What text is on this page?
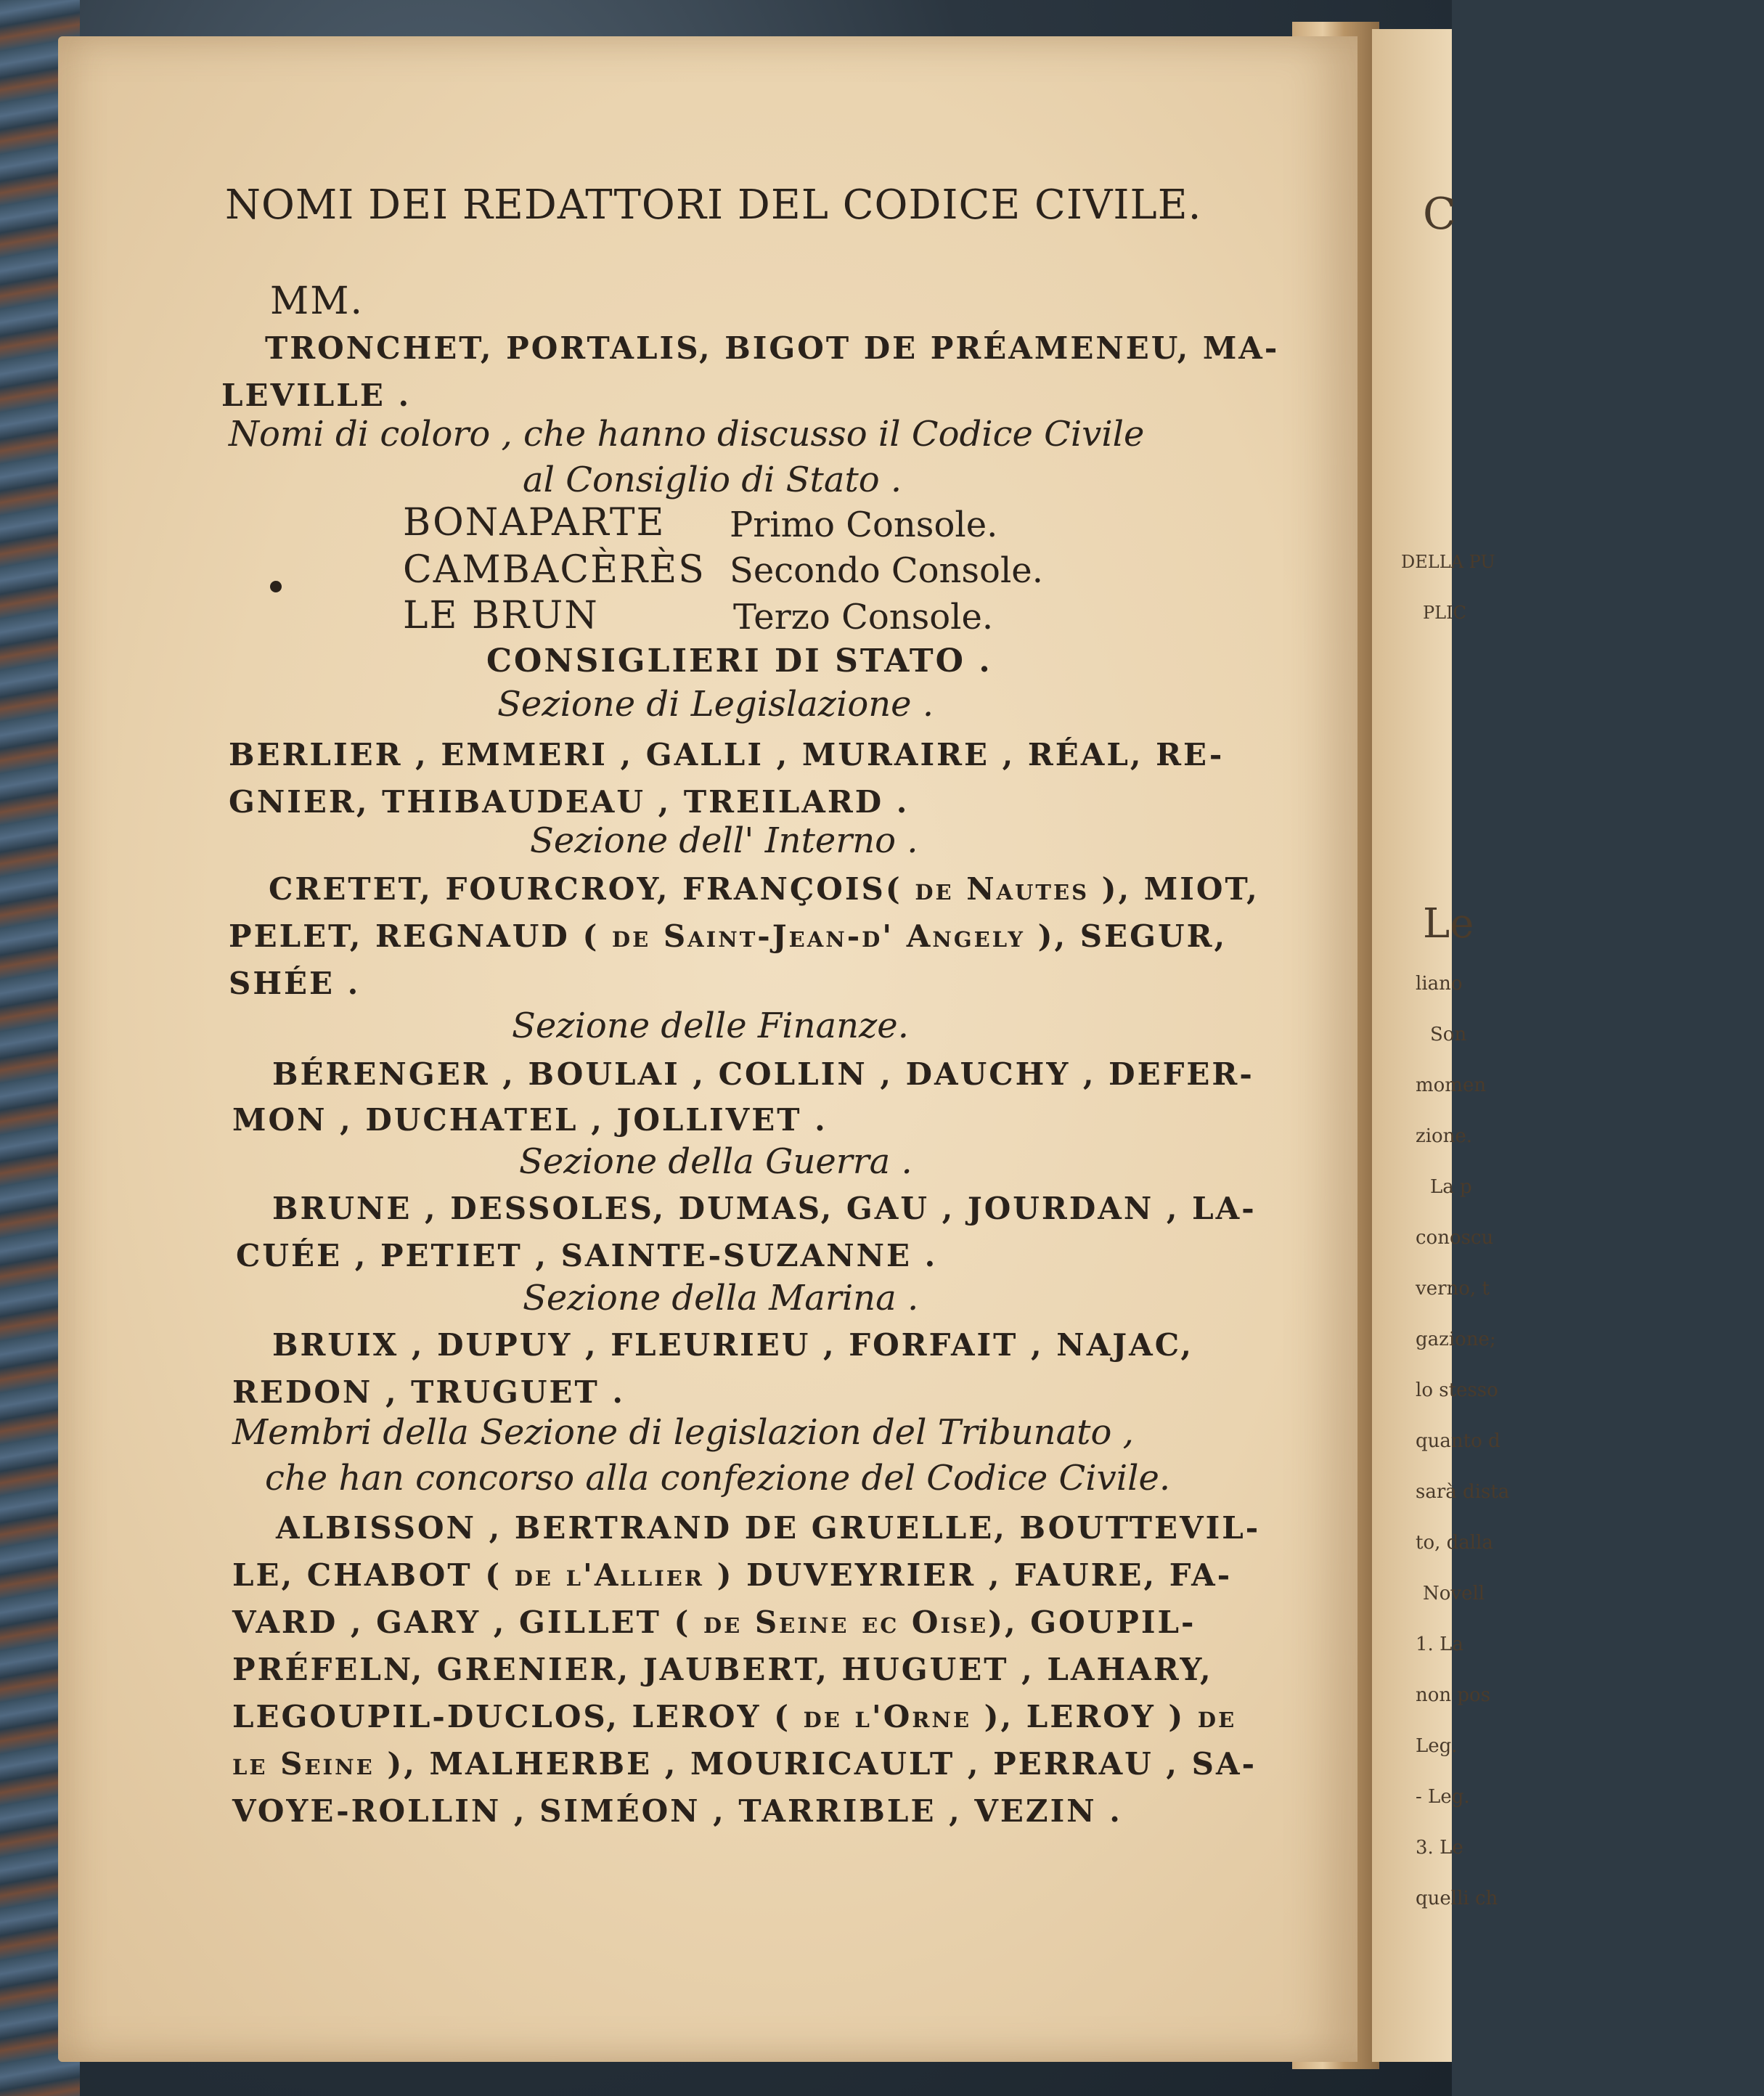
C
DELLA PU
PLIC
Le
liano
Son
momen
zione.
La p
conoscu
verno, t
gazione;
lo stesso
quanto d
sarà dista
to, dalla
Novell
1. La
non pos
Leg.
- Leg.
3. Le
quelli ch
NOMI DEI REDATTORI DEL CODICE CIVILE.
MM.
TRONCHET, PORTALIS, BIGOT DE PRÉAMENEU, MA-
LEVILLE .
Nomi di coloro , che hanno discusso il Codice Civile
al Consiglio di Stato .
BONAPARTE	Primo Console.
CAMBACÈRÈS Secondo Console.
LE BRUN	Terzo Console.
CONSIGLIERI DI STATO .
Sezione di Legislazione .
BERLIER , EMMERI , GALLI , MURAIRE , RÉAL, RE-
GNIER, THIBAUDEAU , TREILARD .
Sezione dell' Interno .
CRETET, FOURCROY, FRANÇOIS( de Nautes ), MIOT,
PELET, REGNAUD ( de Saint-Jean-d' Angely ), SEGUR,
SHÉE .
Sezione delle Finanze.
BÉRENGER , BOULAI , COLLIN , DAUCHY , DEFER-
MON , DUCHATEL , JOLLIVET .
Sezione della Guerra .
BRUNE , DESSOLES, DUMAS, GAU , JOURDAN , LA-
CUÉE , PETIET , SAINTE-SUZANNE .
Sezione della Marina .
BRUIX , DUPUY , FLEURIEU , FORFAIT , NAJAC,
REDON , TRUGUET .
Membri della Sezione di legislazion del Tribunato ,
che han concorso alla confezione del Codice Civile.
ALBISSON , BERTRAND DE GRUELLE, BOUTTEVIL-
LE, CHABOT ( de l'Allier ) DUVEYRIER , FAURE, FA-
VARD , GARY , GILLET ( de Seine ec Oise), GOUPIL-
PRÉFELN, GRENIER, JAUBERT, HUGUET , LAHARY,
LEGOUPIL-DUCLOS, LEROY ( de l'Orne ), LEROY ) de
le Seine ), MALHERBE , MOURICAULT , PERRAU , SA-
VOYE-ROLLIN , SIMÉON , TARRIBLE , VEZIN .
